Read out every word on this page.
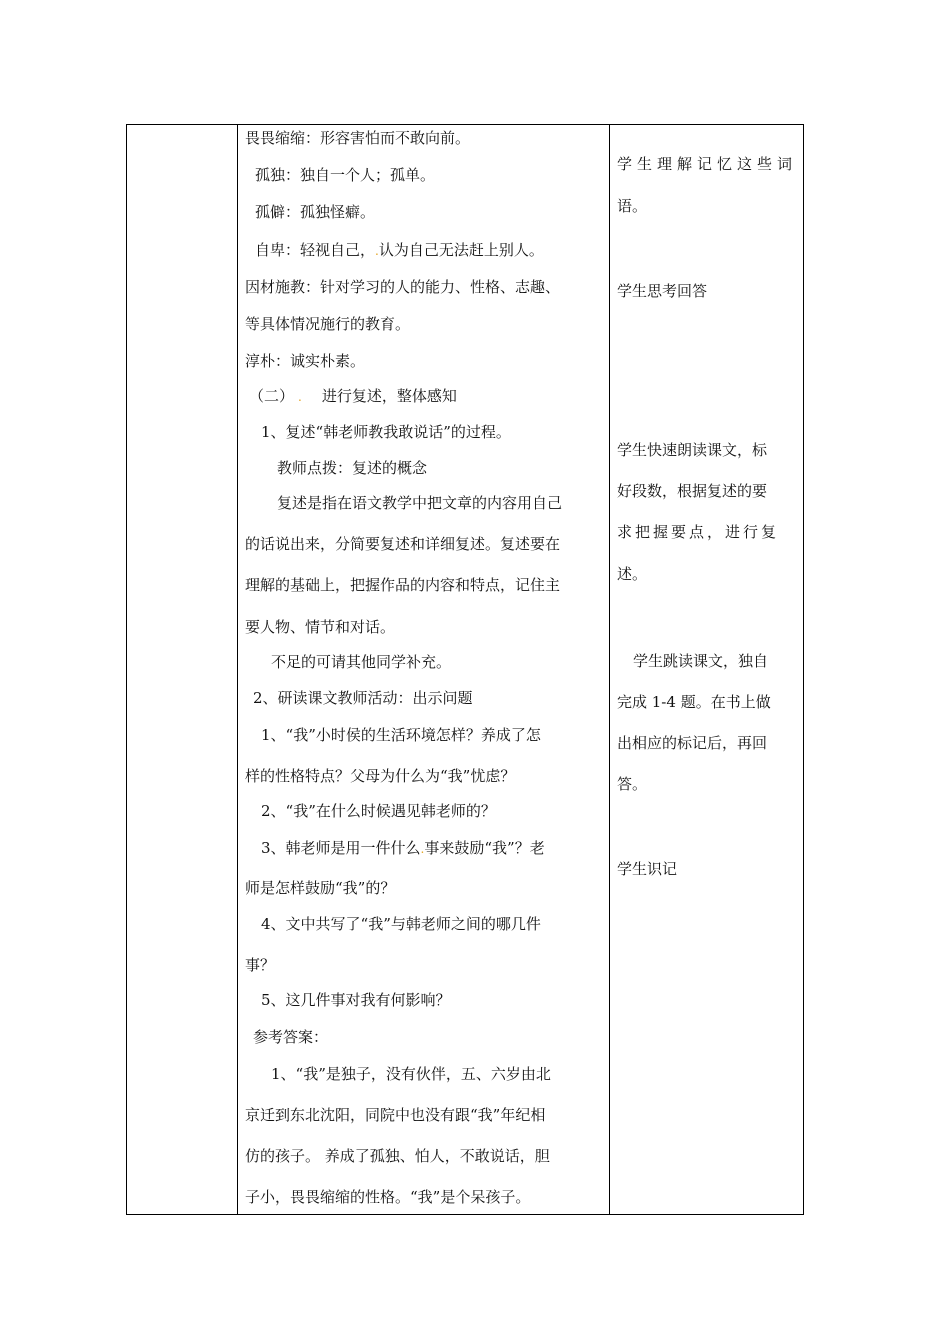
畏畏缩缩：形容害怕而不敢向前。
孤独：独自一个人；孤单。
孤僻：孤独怪癖。
自卑：轻视自己，.认为自己无法赶上别人。
因材施教：针对学习的人的能力、性格、志趣、
等具体情况施行的教育。
淳朴：诚实朴素。
（二） . 进行复述，整体感知
1、复述“韩老师教我敢说话”的过程。
教师点拨：复述的概念
复述是指在语文教学中把文章的内容用自己
的话说出来，分简要复述和详细复述。复述要在
理解的基础上，把握作品的内容和特点，记住主
要人物、情节和对话。
不足的可请其他同学补充。
2、研读课文教师活动：出示问题
1、“我”小时侯的生活环境怎样？养成了怎
样的性格特点？父母为什么为“我”忧虑？
2、“我”在什么时候遇见韩老师的？
3、韩老师是用一件什么.事来鼓励“我”？老
师是怎样鼓励“我”的？
4、文中共写了“我”与韩老师之间的哪几件
事？
5、这几件事对我有何影响？
参考答案：
1、“我”是独子，没有伙伴，五、六岁由北
京迁到东北沈阳，同院中也没有跟“我”年纪相
仿的孩子。 养成了孤独、怕人，不敢说话，胆
子小，畏畏缩缩的性格。“我”是个呆孩子。
学生理解记忆这些词
语。
学生思考回答
学生快速朗读课文，标
好段数，根据复述的要
求把握要点，进行复
述。
学生跳读课文，独自
完成 1-4 题。在书上做
出相应的标记后，再回
答。
学生识记
